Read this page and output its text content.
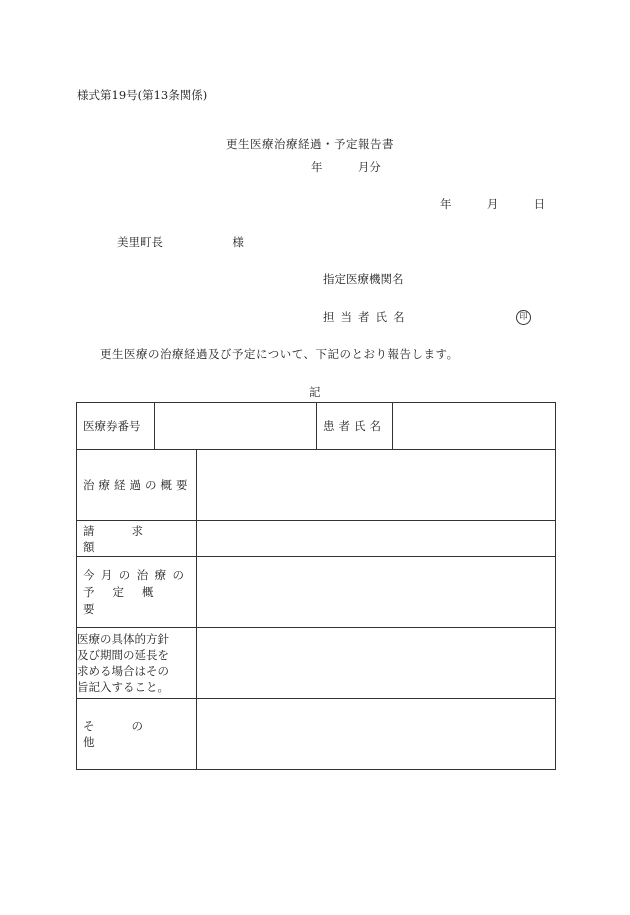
様式第19号(第13条関係)
更生医療治療経過・予定報告書
年	月分
年	月	日
美里町長	様
指定医療機関名
担当者氏名	印
更生医療の治療経過及び予定について、下記のとおり報告します。
記
医療券番号			患者氏名	
治療経過の概要				
請求額				

今月の治療の
予定概要				

医療の具体的方針
及び期間の延長を
求める場合はその
旨記入すること。				

その他				
